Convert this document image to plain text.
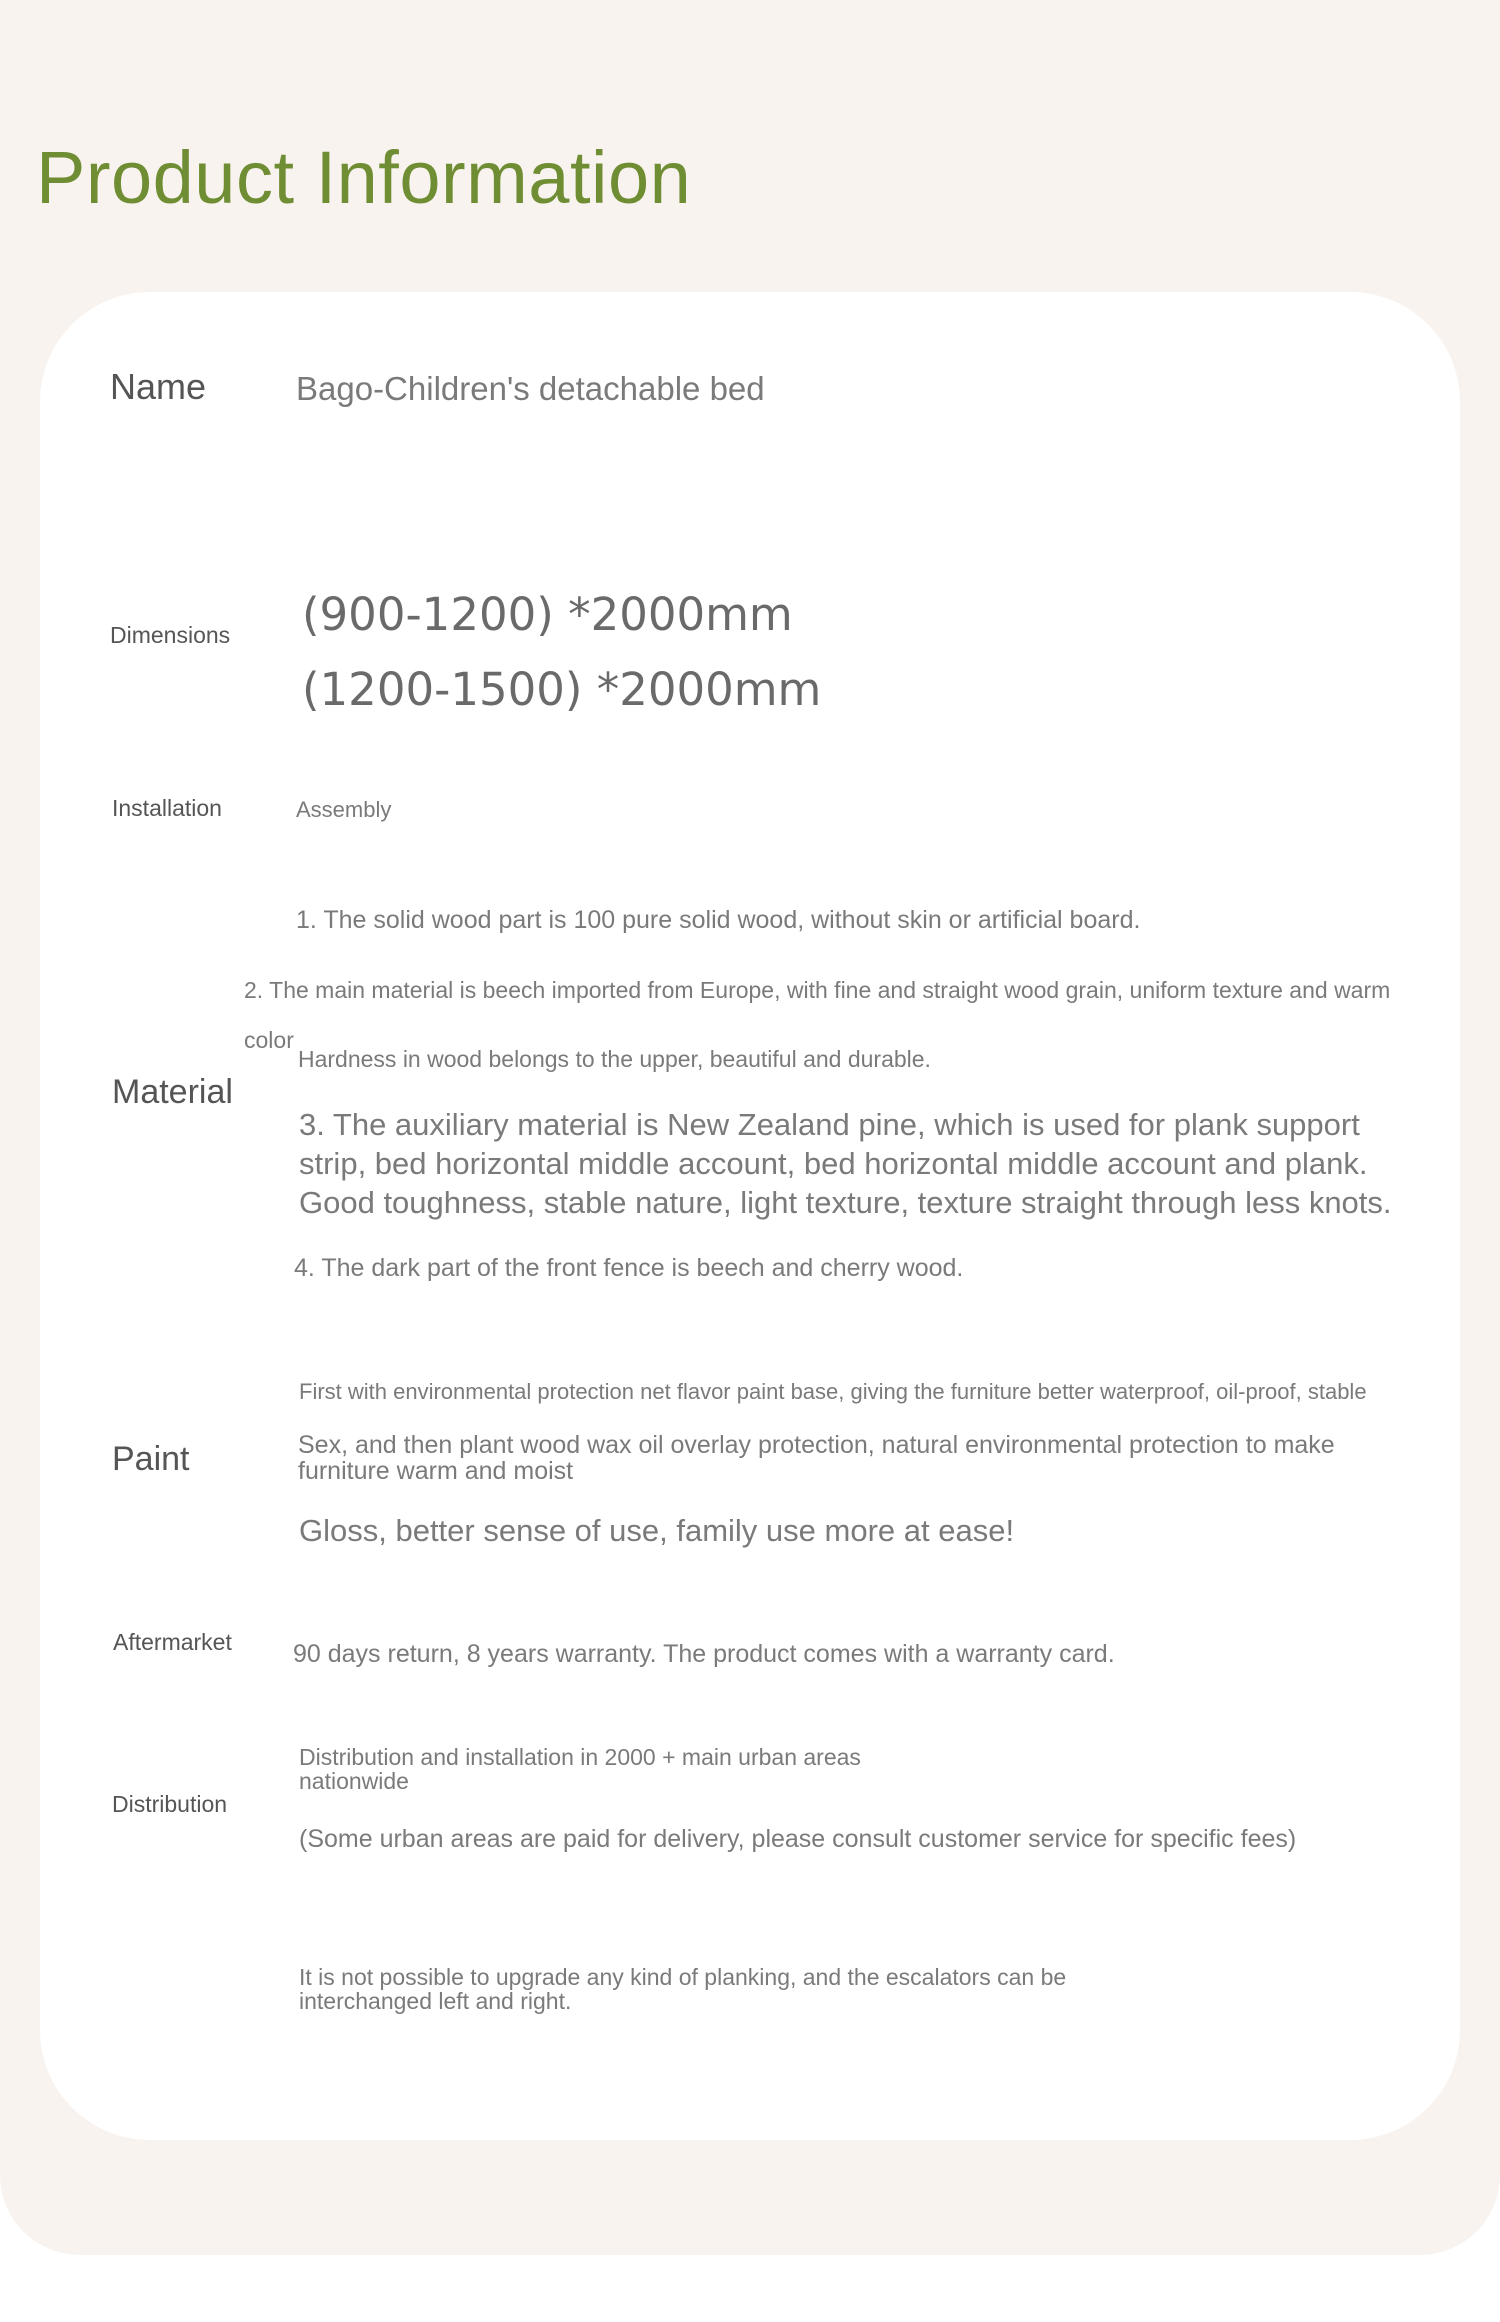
Product Information

Name	Bago-Children's detachable bed

Dimensions (900-1200) *2000mm

(1200-1500) *2000mm

Installation	Assembly

Material

1. The solid wood part is 100 pure solid wood, without skin or artificial board.

2. The main material is beech imported from Europe, with fine and straight wood grain, uniform texture and warm

color

Hardness in wood belongs to the upper, beautiful and durable.

3. The auxiliary material is New Zealand pine, which is used for plank support strip, bed horizontal middle account, bed horizontal middle account and plank. Good toughness, stable nature, light texture, texture straight through less knots.

4. The dark part of the front fence is beech and cherry wood.

Paint

First with environmental protection net flavor paint base, giving the furniture better waterproof, oil-proof, stable

Sex, and then plant wood wax oil overlay protection, natural environmental protection to make furniture warm and moist

Gloss, better sense of use, family use more at ease!

Aftermarket 90 days return, 8 years warranty. The product comes with a warranty card.

Distribution

Distribution and installation in 2000 + main urban areas nationwide

(Some urban areas are paid for delivery, please consult customer service for specific fees)

It is not possible to upgrade any kind of planking, and the escalators can be interchanged left and right.
